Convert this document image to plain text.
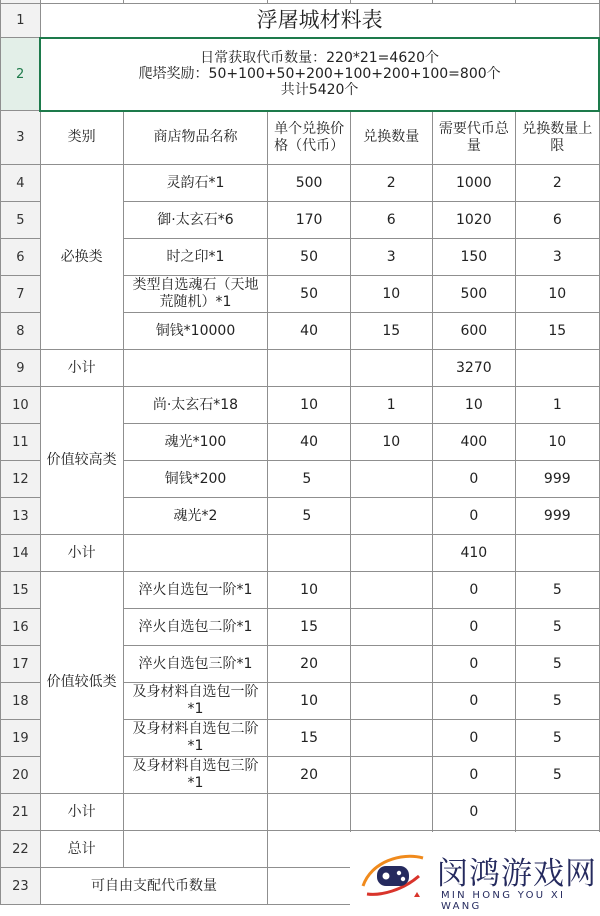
1	浮屠城材料表					
2	日常获取代币数量：220*21=4620个
爬塔奖励：50+100+50+200+100+200+100=800个
共计5420个					

3	类别	商店物品名称	单个兑换价格（代币）	兑换数量	需要代币总量	兑换数量上限
4	必换类	灵韵石*1	500	2	1000	2
5		御·太玄石*6	170	6	1020	6
6		时之印*1	50	3	150	3
7		类型自选魂石（天地荒随机）*1	50	10	500	10
8		铜钱*10000	40	15	600	15
9	小计				3270	
10	价值较高类	尚·太玄石*18	10	1	10	1
11		魂光*100	40	10	400	10
12		铜钱*200	5		0	999
13		魂光*2	5		0	999
14	小计				410	
15	价值较低类	淬火自选包一阶*1	10		0	5
16		淬火自选包二阶*1	15		0	5
17		淬火自选包三阶*1	20		0	5
18		及身材料自选包一阶*1	10		0	5
19		及身材料自选包二阶*1	15		0	5
20		及身材料自选包三阶*1	20		0	5
21	小计				0	
22	总计					
23	可自由支配代币数量						闵鸿游戏网
MIN HONG YOU XI WANG
